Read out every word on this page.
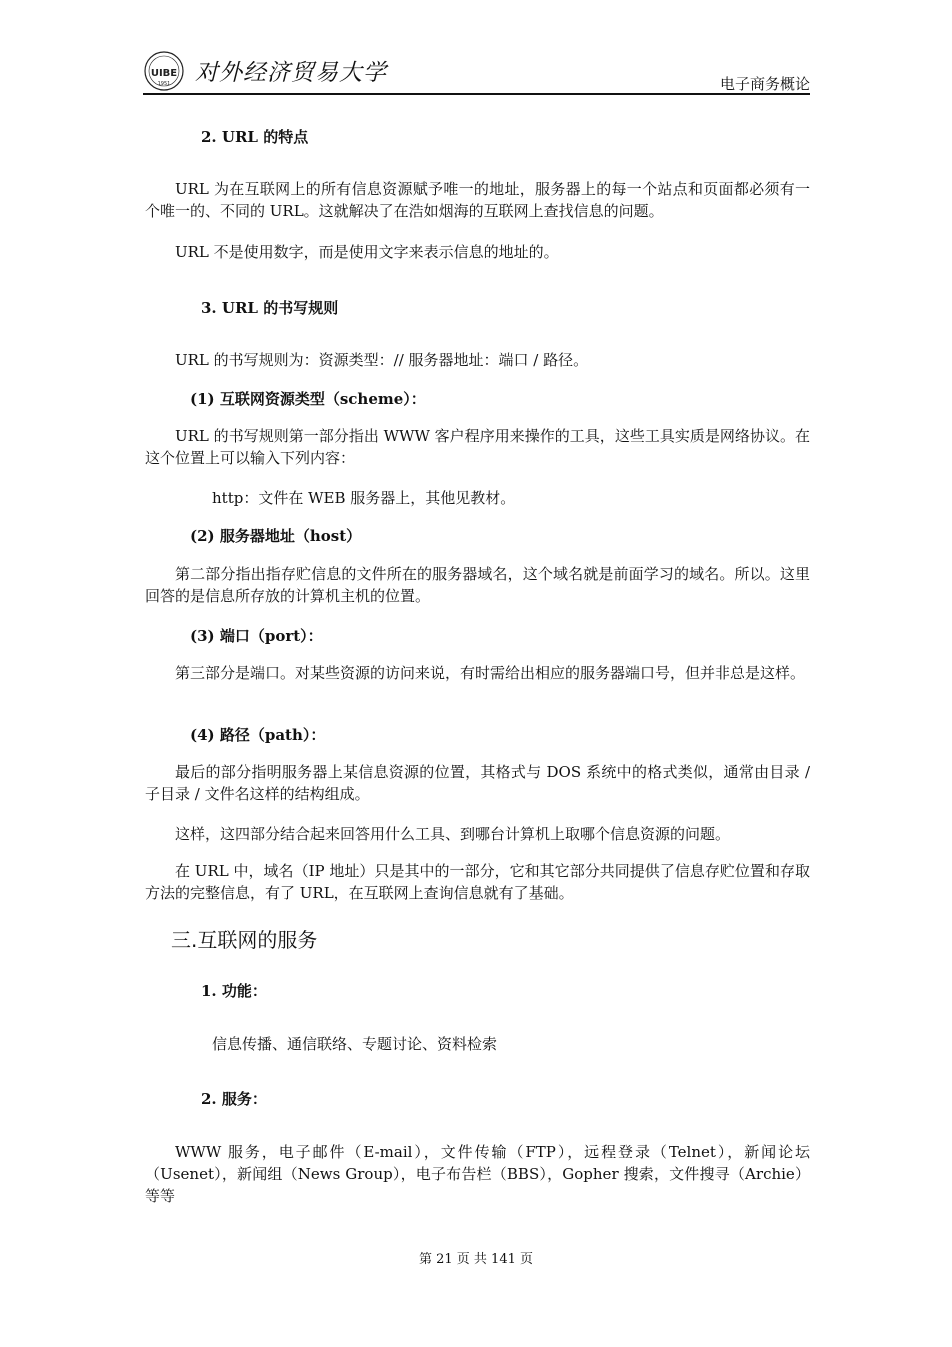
UIBE
1951 对外经济贸易大学	电子商务概论
2. URL 的特点
URL 为在互联网上的所有信息资源赋予唯一的地址，服务器上的每一个站点和页面都必须有一个唯一的、不同的 URL。这就解决了在浩如烟海的互联网上查找信息的问题。
URL 不是使用数字，而是使用文字来表示信息的地址的。
3. URL 的书写规则
URL 的书写规则为：资源类型：// 服务器地址：端口 / 路径。
(1) 互联网资源类型（scheme）：
URL 的书写规则第一部分指出 WWW 客户程序用来操作的工具，这些工具实质是网络协议。在这个位置上可以输入下列内容：
http：文件在 WEB 服务器上，其他见教材。
(2) 服务器地址（host）
第二部分指出指存贮信息的文件所在的服务器域名，这个域名就是前面学习的域名。所以。这里回答的是信息所存放的计算机主机的位置。
(3) 端口（port）：
第三部分是端口。对某些资源的访问来说，有时需给出相应的服务器端口号，但并非总是这样。
(4) 路径（path）：
最后的部分指明服务器上某信息资源的位置，其格式与 DOS 系统中的格式类似，通常由目录 / 子目录 / 文件名这样的结构组成。
这样，这四部分结合起来回答用什么工具、到哪台计算机上取哪个信息资源的问题。
在 URL 中，域名（IP 地址）只是其中的一部分，它和其它部分共同提供了信息存贮位置和存取方法的完整信息，有了 URL，在互联网上查询信息就有了基础。
三.互联网的服务
1. 功能：
信息传播、通信联络、专题讨论、资料检索
2. 服务：
WWW 服务，电子邮件（E-mail），文件传输（FTP），远程登录（Telnet），新闻论坛（Usenet），新闻组（News Group），电子布告栏（BBS），Gopher 搜索，文件搜寻（Archie）等等
第 21 页 共 141 页
